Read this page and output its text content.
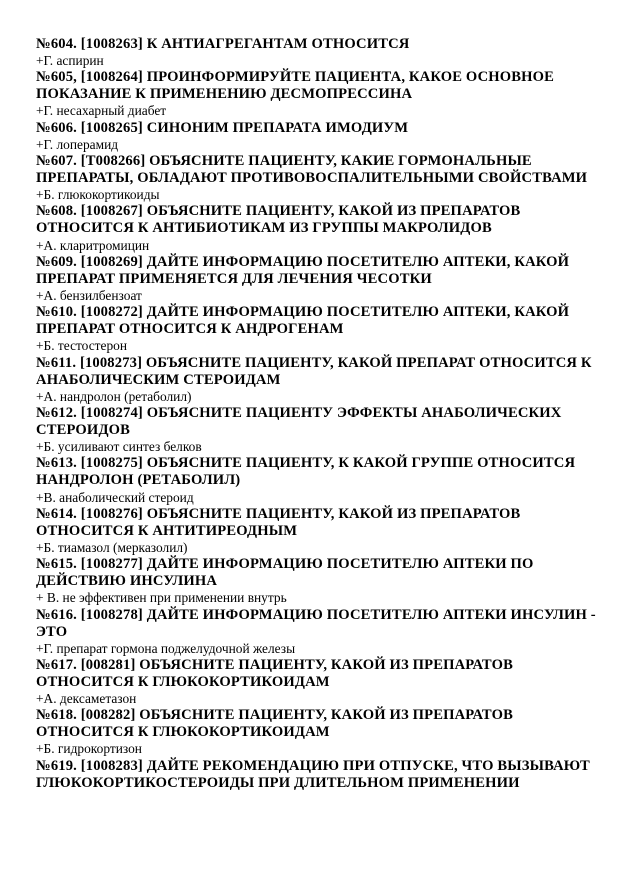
№604. [1008263] К АНТИАГРЕГАНТАМ ОТНОСИТСЯ

+Г. аспирин

№605, [1008264] ПРОИНФОРМИРУЙТЕ ПАЦИЕНТА, КАКОЕ ОСНОВНОЕ ПОКАЗАНИЕ К ПРИМЕНЕНИЮ ДЕСМОПРЕССИНА

+Г. несахарный диабет

№606. [1008265] СИНОНИМ ПРЕПАРАТА ИМОДИУМ

+Г. лоперамид

№607. [T008266] ОБЪЯСНИТЕ ПАЦИЕНТУ, КАКИЕ ГОРМОНАЛЬНЫЕ ПРЕПАРАТЫ, ОБЛАДАЮТ ПРОТИВОВОСПАЛИТЕЛЬНЫМИ СВОЙСТВАМИ

+Б. глюкокортикоиды

№608. [1008267] ОБЪЯСНИТЕ ПАЦИЕНТУ, КАКОЙ ИЗ ПРЕПАРАТОВ ОТНОСИТСЯ К АНТИБИОТИКАМ ИЗ ГРУППЫ МАКРОЛИДОВ

+А. кларитромицин

№609. [1008269] ДАЙТЕ ИНФОРМАЦИЮ ПОСЕТИТЕЛЮ АПТЕКИ, КАКОЙ ПРЕПАРАТ ПРИМЕНЯЕТСЯ ДЛЯ ЛЕЧЕНИЯ ЧЕСОТКИ

+А. бензилбензоат

№610. [1008272] ДАЙТЕ ИНФОРМАЦИЮ ПОСЕТИТЕЛЮ АПТЕКИ, КАКОЙ ПРЕПАРАТ ОТНОСИТСЯ К АНДРОГЕНАМ

+Б. тестостерон

№611. [1008273] ОБЪЯСНИТЕ ПАЦИЕНТУ, КАКОЙ ПРЕПАРАТ ОТНОСИТСЯ К АНАБОЛИЧЕСКИМ СТЕРОИДАМ

+А. нандролон (ретаболил)

№612. [1008274] ОБЪЯСНИТЕ ПАЦИЕНТУ ЭФФЕКТЫ АНАБОЛИЧЕСКИХ СТЕРОИДОВ

+Б. усиливают синтез белков

№613. [1008275] ОБЪЯСНИТЕ ПАЦИЕНТУ, К КАКОЙ ГРУППЕ ОТНОСИТСЯ НАНДРОЛОН (РЕТАБОЛИЛ)

+В. анаболический стероид

№614. [1008276] ОБЪЯСНИТЕ ПАЦИЕНТУ, КАКОЙ ИЗ ПРЕПАРАТОВ ОТНОСИТСЯ К АНТИТИРЕОДНЫМ

+Б. тиамазол (мерказолил)

№615. [1008277] ДАЙТЕ ИНФОРМАЦИЮ ПОСЕТИТЕЛЮ АПТЕКИ ПО ДЕЙСТВИЮ ИНСУЛИНА

+ В. не эффективен при применении внутрь

№616. [1008278] ДАЙТЕ ИНФОРМАЦИЮ ПОСЕТИТЕЛЮ АПТЕКИ ИНСУЛИН - ЭТО

+Г. препарат гормона поджелудочной железы

№617. [008281] ОБЪЯСНИТЕ ПАЦИЕНТУ, КАКОЙ ИЗ ПРЕПАРАТОВ ОТНОСИТСЯ К ГЛЮКОКОРТИКОИДАМ

+А. дексаметазон

№618. [008282] ОБЪЯСНИТЕ ПАЦИЕНТУ, КАКОЙ ИЗ ПРЕПАРАТОВ ОТНОСИТСЯ К ГЛЮКОКОРТИКОИДАМ

+Б. гидрокортизон

№619. [1008283] ДАЙТЕ РЕКОМЕНДАЦИЮ ПРИ ОТПУСКЕ, ЧТО ВЫЗЫВАЮТ ГЛЮКОКОРТИКОСТЕРОИДЫ ПРИ ДЛИТЕЛЬНОМ ПРИМЕНЕНИИ
